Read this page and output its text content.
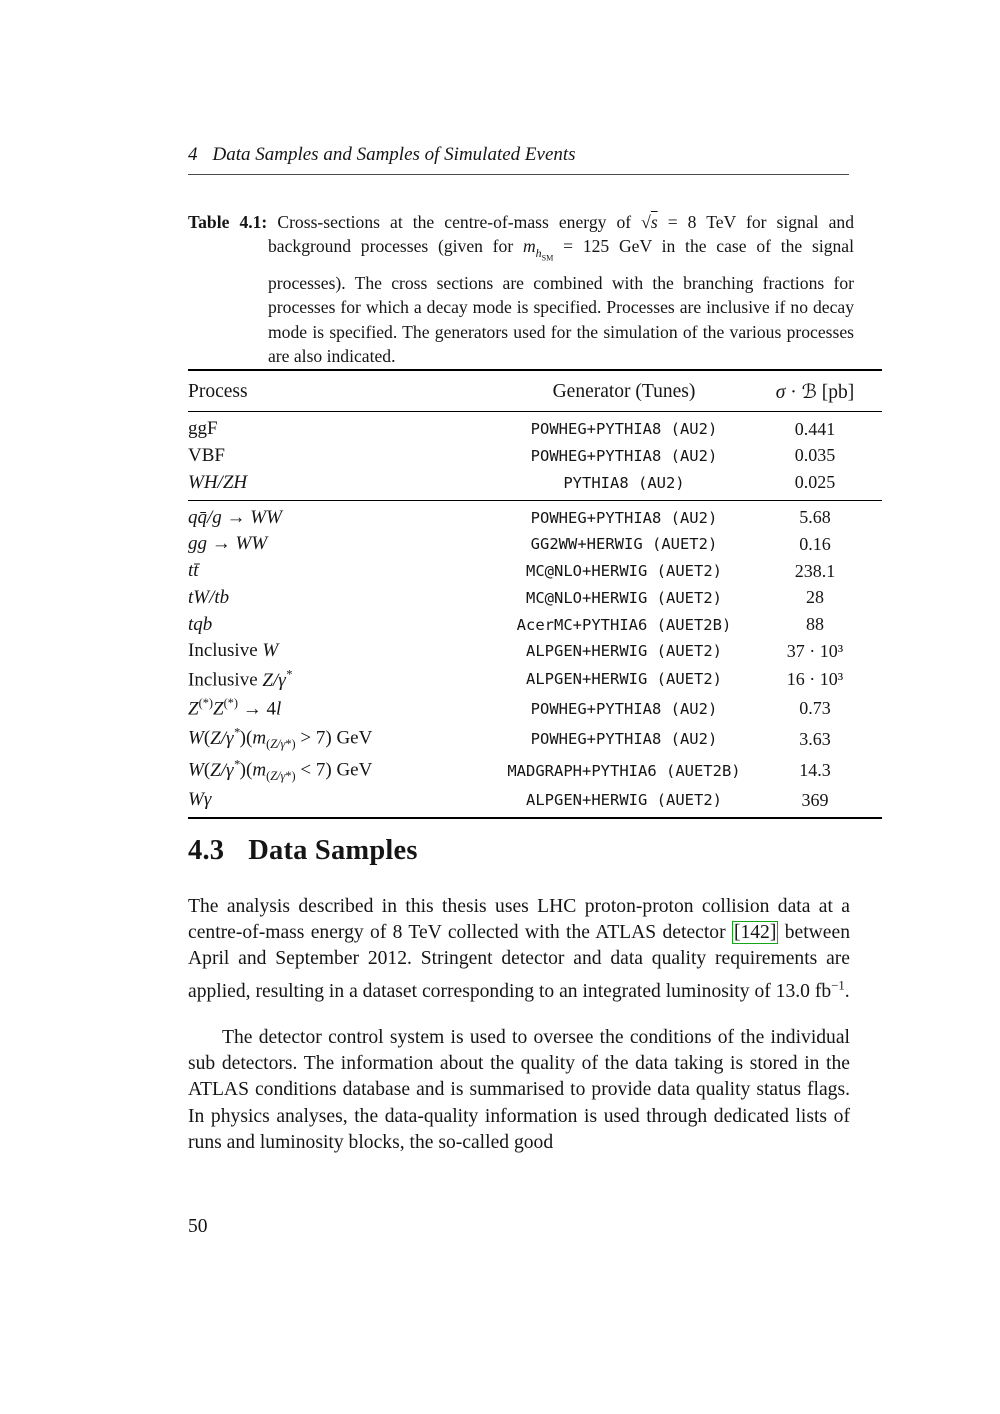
4 Data Samples and Samples of Simulated Events
Table 4.1: Cross-sections at the centre-of-mass energy of √s = 8 TeV for signal and background processes (given for $m_{h_{SM}} = 125$ GeV in the case of the signal processes). The cross sections are combined with the branching fractions for processes for which a decay mode is specified. Processes are inclusive if no decay mode is specified. The generators used for the simulation of the various processes are also indicated.
Process	Generator (Tunes)	σ · ℬ [pb]
ggF	POWHEG+PYTHIA8 (AU2)	0.441
VBF	POWHEG+PYTHIA8 (AU2)	0.035
WH/ZH	PYTHIA8 (AU2)	0.025
qq̄/g → WW	POWHEG+PYTHIA8 (AU2)	5.68
gg → WW	GG2WW+HERWIG (AUET2)	0.16
tt̄	MC@NLO+HERWIG (AUET2)	238.1
tW/tb	MC@NLO+HERWIG (AUET2)	28
tqb	AcerMC+PYTHIA6 (AUET2B)	88
Inclusive W	ALPGEN+HERWIG (AUET2)	37 · 10³
Inclusive Z/γ*	ALPGEN+HERWIG (AUET2)	16 · 10³
Z(*)Z(*) → 4l	POWHEG+PYTHIA8 (AU2)	0.73
$W(Z/\gamma^*)(m_{(Z/\gamma*)} > 7)$ GeV	POWHEG+PYTHIA8 (AU2)	3.63
$W(Z/\gamma^*)(m_{(Z/\gamma*)} < 7)$ GeV	MADGRAPH+PYTHIA6 (AUET2B)	14.3
Wγ	ALPGEN+HERWIG (AUET2)	369
4.3 Data Samples

The analysis described in this thesis uses LHC proton-proton collision data at a centre-of-mass energy of 8 TeV collected with the ATLAS detector [142] between April and September 2012. Stringent detector and data quality requirements are applied, resulting in a dataset corresponding to an integrated luminosity of 13.0 $fb^{-1}$.

The detector control system is used to oversee the conditions of the individual sub detectors. The information about the quality of the data taking is stored in the ATLAS conditions database and is summarised to provide data quality status flags. In physics analyses, the data-quality information is used through dedicated lists of runs and luminosity blocks, the so-called good

50
